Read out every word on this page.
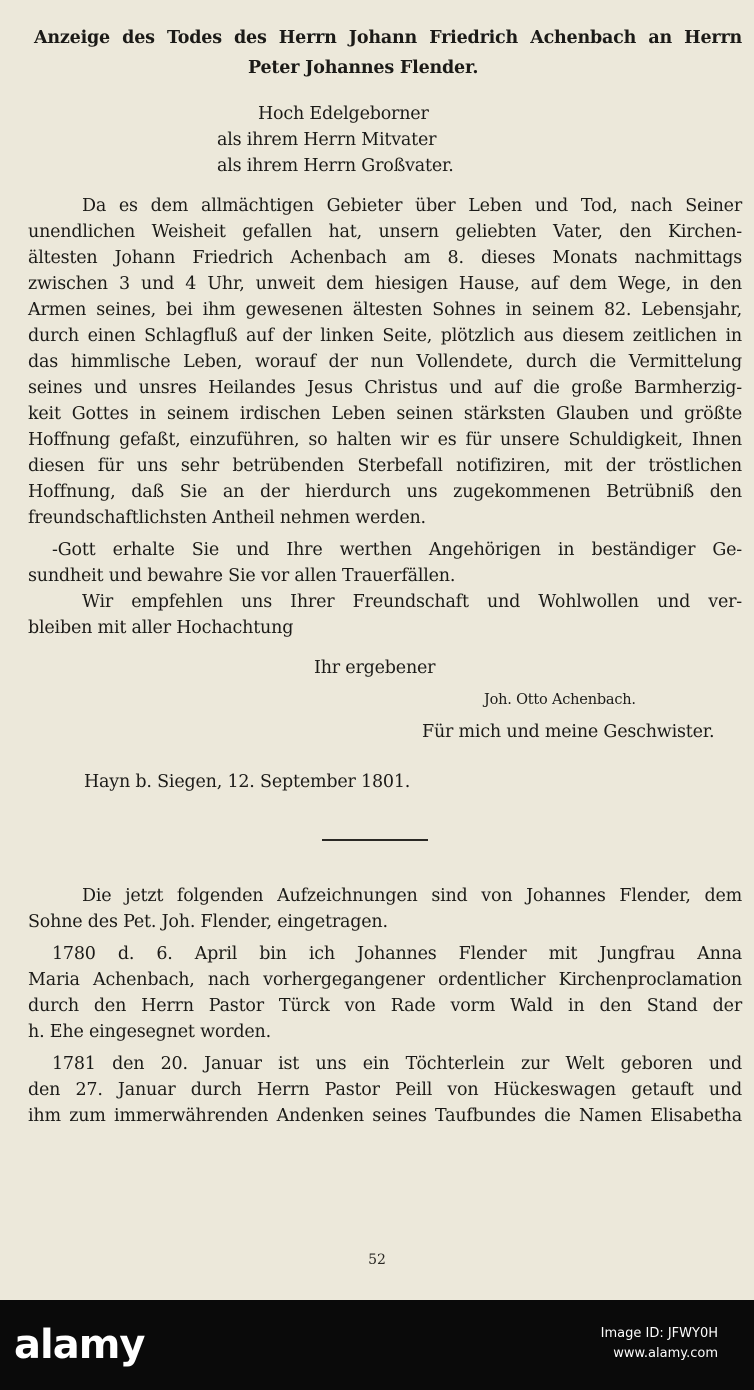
Anzeige des Todes des Herrn Johann Friedrich Achenbach an Herrn
Peter Johannes Flender.
Hoch Edelgeborner
als ihrem Herrn Mitvater
als ihrem Herrn Großvater.
Da es dem allmächtigen Gebieter über Leben und Tod, nach Seiner
unendlichen Weisheit gefallen hat, unsern geliebten Vater, den Kirchen-
ältesten Johann Friedrich Achenbach am 8. dieses Monats nachmittags
zwischen 3 und 4 Uhr, unweit dem hiesigen Hause, auf dem Wege, in den
Armen seines, bei ihm gewesenen ältesten Sohnes in seinem 82. Lebensjahr,
durch einen Schlagfluß auf der linken Seite, plötzlich aus diesem zeitlichen in
das himmlische Leben, worauf der nun Vollendete, durch die Vermittelung
seines und unsres Heilandes Jesus Christus und auf die große Barmherzig-
keit Gottes in seinem irdischen Leben seinen stärksten Glauben und größte
Hoffnung gefaßt, einzuführen, so halten wir es für unsere Schuldigkeit, Ihnen
diesen für uns sehr betrübenden Sterbefall notifiziren, mit der tröstlichen
Hoffnung, daß Sie an der hierdurch uns zugekommenen Betrübniß den
freundschaftlichsten Antheil nehmen werden.
-Gott erhalte Sie und Ihre werthen Angehörigen in beständiger Ge-
sundheit und bewahre Sie vor allen Trauerfällen.
Wir empfehlen uns Ihrer Freundschaft und Wohlwollen und ver-
bleiben mit aller Hochachtung
Ihr ergebener
Joh. Otto Achenbach.
Für mich und meine Geschwister.
Hayn b. Siegen, 12. September 1801.
Die jetzt folgenden Aufzeichnungen sind von Johannes Flender, dem
Sohne des Pet. Joh. Flender, eingetragen.
1780 d. 6. April bin ich Johannes Flender mit Jungfrau Anna
Maria Achenbach, nach vorhergegangener ordentlicher Kirchenproclamation
durch den Herrn Pastor Türck von Rade vorm Wald in den Stand der
h. Ehe eingesegnet worden.
1781 den 20. Januar ist uns ein Töchterlein zur Welt geboren und
den 27. Januar durch Herrn Pastor Peill von Hückeswagen getauft und
ihm zum immerwährenden Andenken seines Taufbundes die Namen Elisabetha
52
alamy	Image ID: JFWY0H
www.alamy.com
